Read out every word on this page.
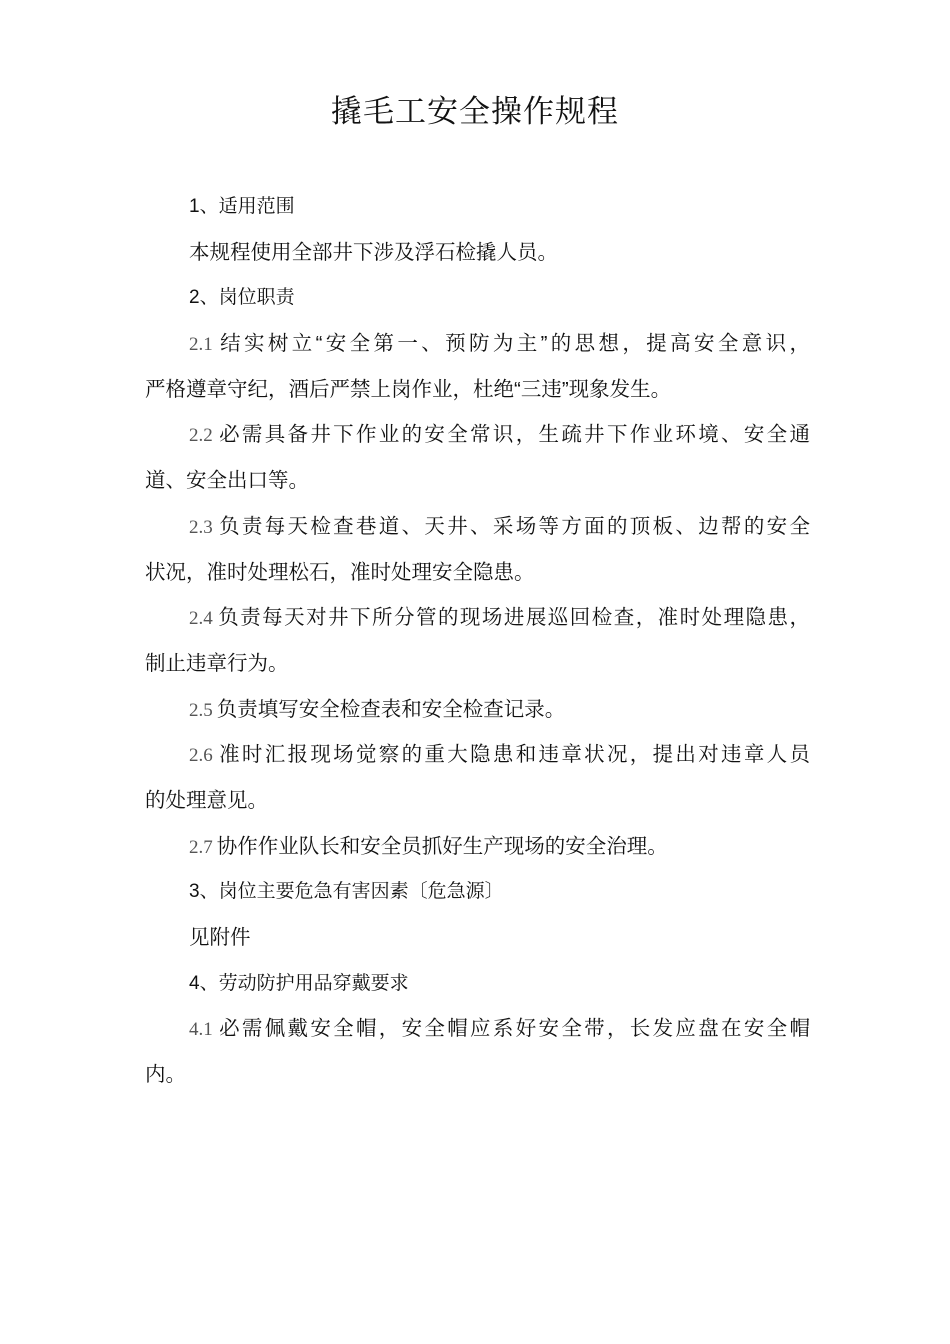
撬毛工安全操作规程
1、适用范围
本规程使用全部井下涉及浮石检撬人员。
2、岗位职责
2.1 结实树立“安全第一、预防为主”的思想，提高安全意识，
严格遵章守纪，酒后严禁上岗作业，杜绝“三违”现象发生。
2.2 必需具备井下作业的安全常识，生疏井下作业环境、安全通
道、安全出口等。
2.3 负责每天检查巷道、天井、采场等方面的顶板、边帮的安全
状况，准时处理松石，准时处理安全隐患。
2.4 负责每天对井下所分管的现场进展巡回检查，准时处理隐患，
制止违章行为。
2.5 负责填写安全检查表和安全检查记录。
2.6 准时汇报现场觉察的重大隐患和违章状况，提出对违章人员
的处理意见。
2.7 协作作业队长和安全员抓好生产现场的安全治理。
3、岗位主要危急有害因素〔危急源〕
见附件
4、劳动防护用品穿戴要求
4.1 必需佩戴安全帽，安全帽应系好安全带，长发应盘在安全帽
内。
